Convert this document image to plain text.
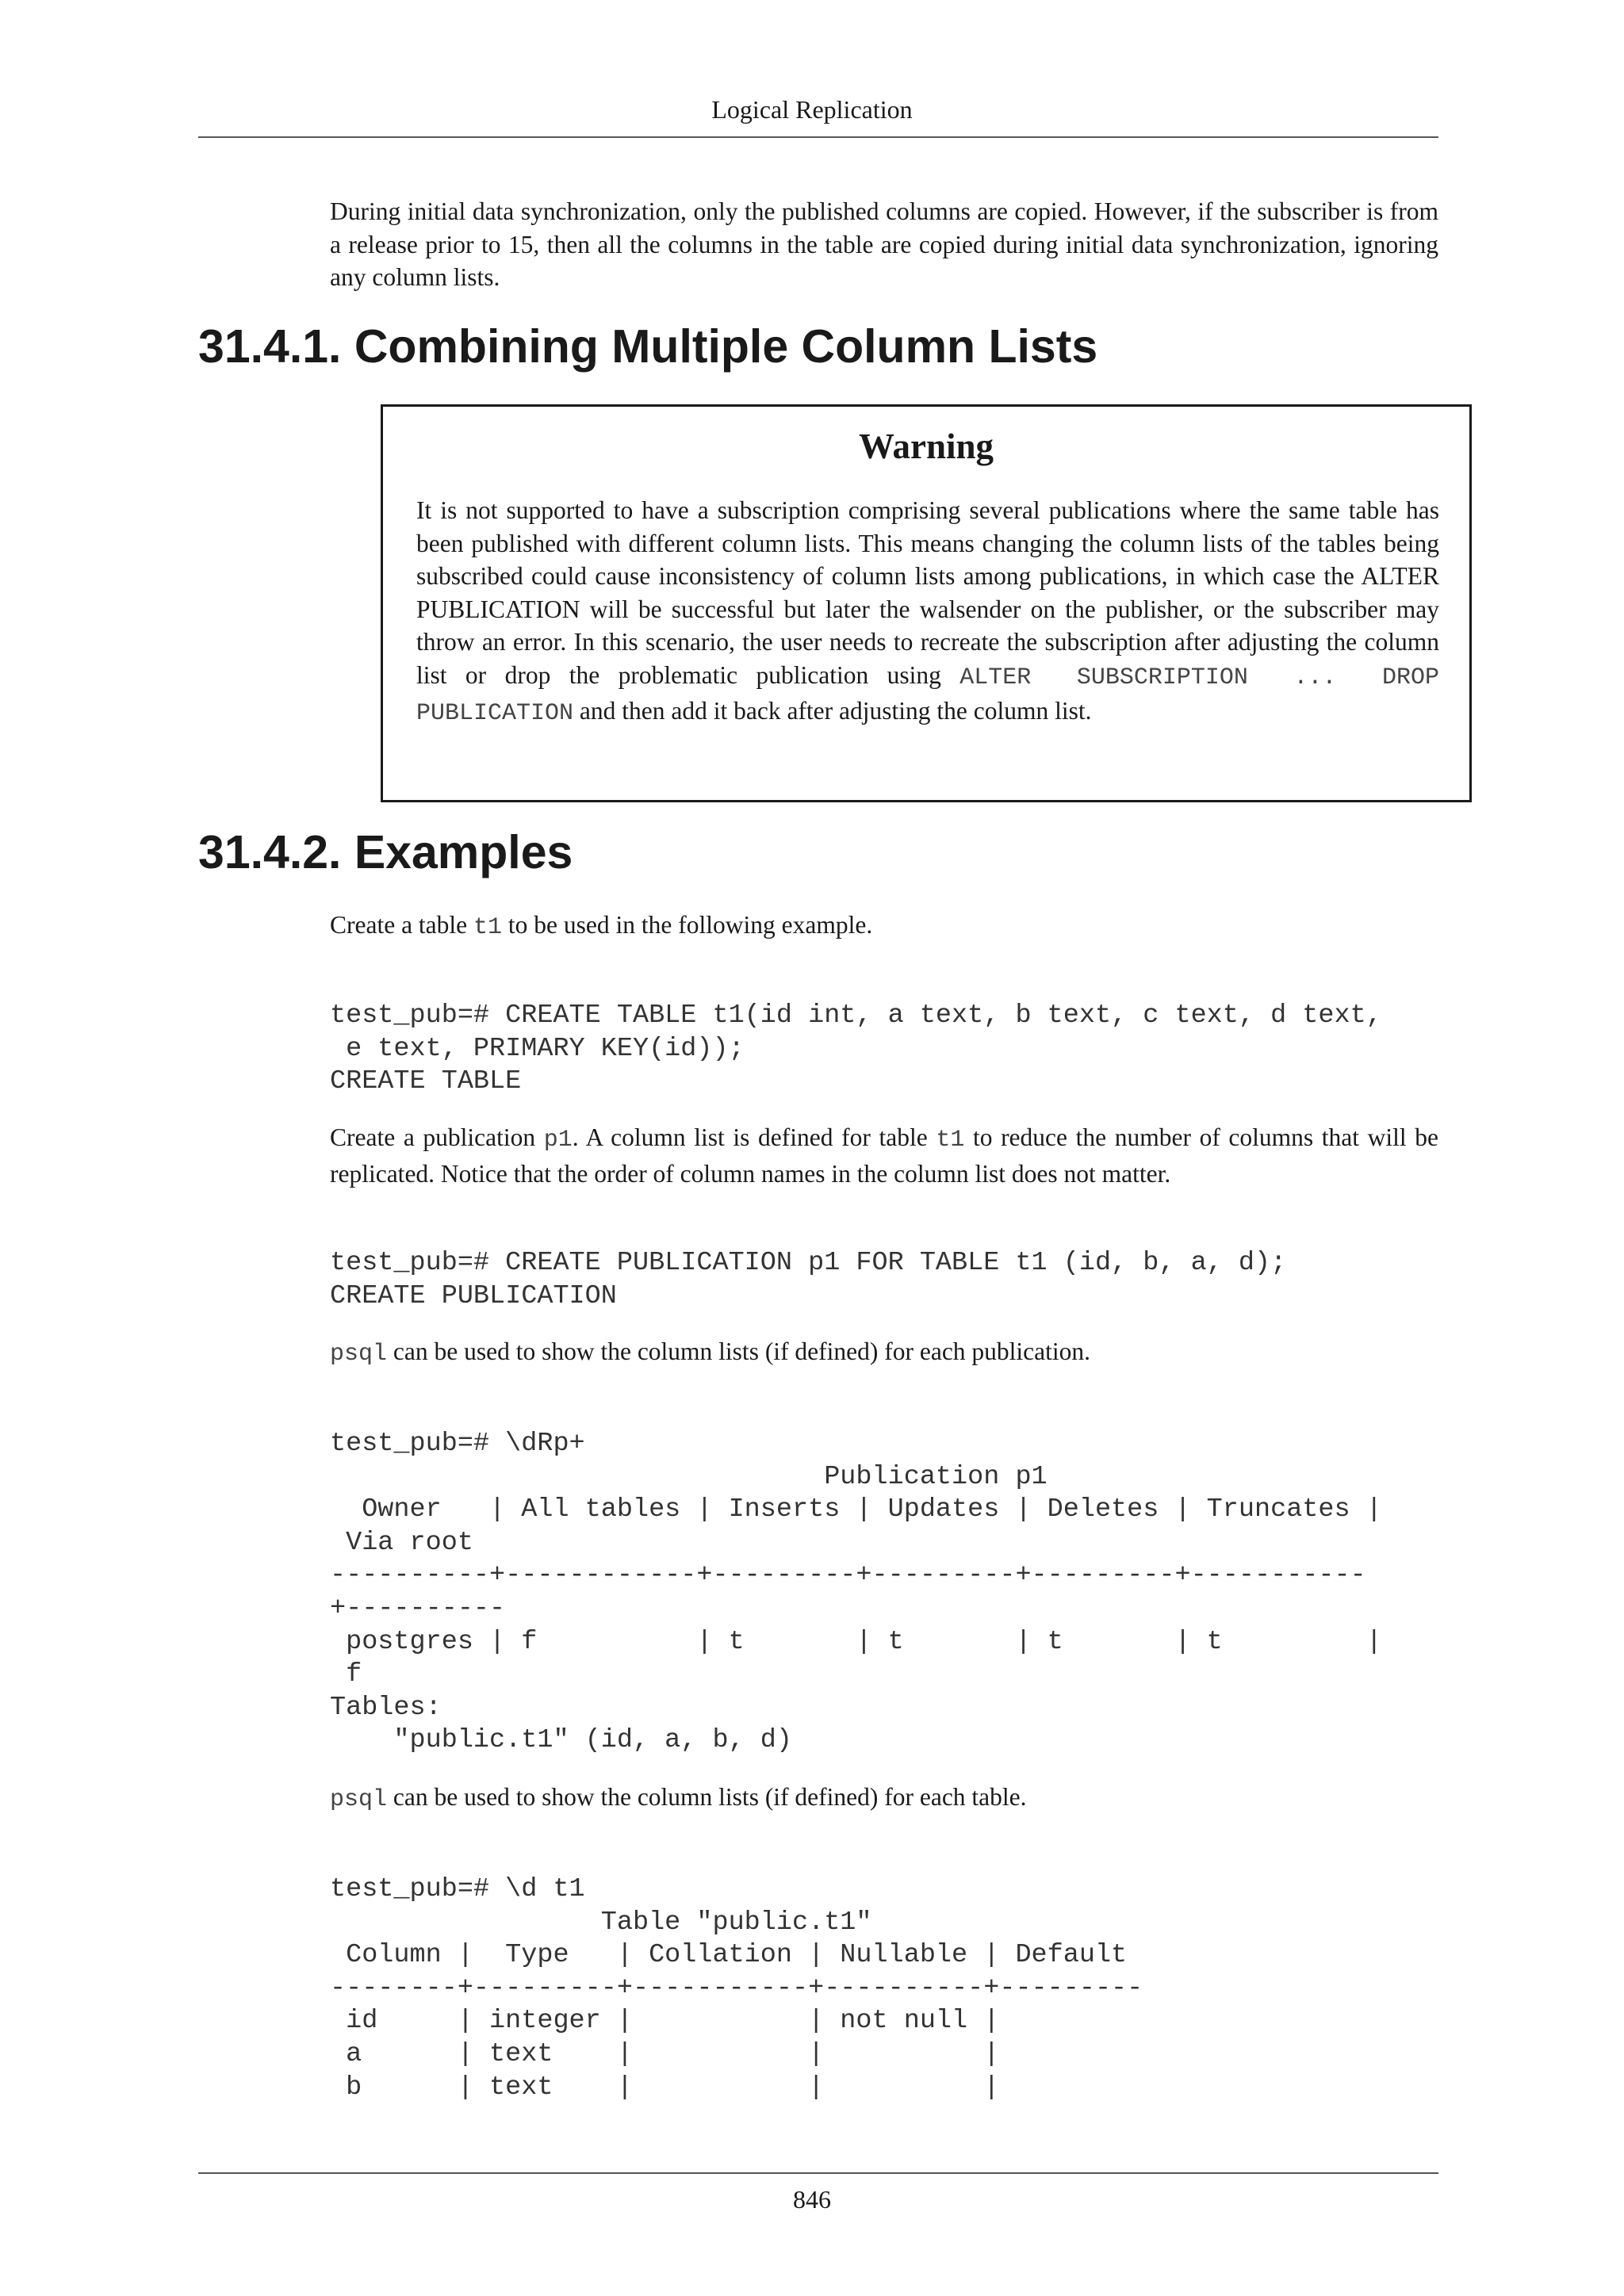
Logical Replication

During initial data synchronization, only the published columns are copied. However, if the subscriber is from a release prior to 15, then all the columns in the table are copied during initial data synchronization, ignoring any column lists.

31.4.1. Combining Multiple Column Lists
Warning

It is not supported to have a subscription comprising several publications where the same table has been published with different column lists. This means changing the column lists of the tables being subscribed could cause inconsistency of column lists among publications, in which case the ALTER PUBLICATION will be successful but later the walsender on the publisher, or the subscriber may throw an error. In this scenario, the user needs to recreate the subscription after adjusting the column list or drop the problematic publication using ALTER SUBSCRIPTION ... DROP PUBLICATION and then add it back after adjusting the column list.

31.4.2. Examples

Create a table t1 to be used in the following example.

test_pub=# CREATE TABLE t1(id int, a text, b text, c text, d text,
e text, PRIMARY KEY(id));
CREATE TABLE

Create a publication p1. A column list is defined for table t1 to reduce the number of columns that will be replicated. Notice that the order of column names in the column list does not matter.

test_pub=# CREATE PUBLICATION p1 FOR TABLE t1 (id, b, a, d);
CREATE PUBLICATION

psql can be used to show the column lists (if defined) for each publication.

test_pub=# \dRp+
Publication p1
Owner   | All tables | Inserts | Updates | Deletes | Truncates |
Via root
----------+------------+---------+---------+---------+-----------
+----------
postgres | f          | t       | t       | t       | t         |
f
Tables:
"public.t1" (id, a, b, d)

psql can be used to show the column lists (if defined) for each table.

test_pub=# \d t1
Table "public.t1"
Column |  Type   | Collation | Nullable | Default
--------+---------+-----------+----------+---------
id     | integer |           | not null |
a      | text    |           |          |
b      | text    |           |          |
846
